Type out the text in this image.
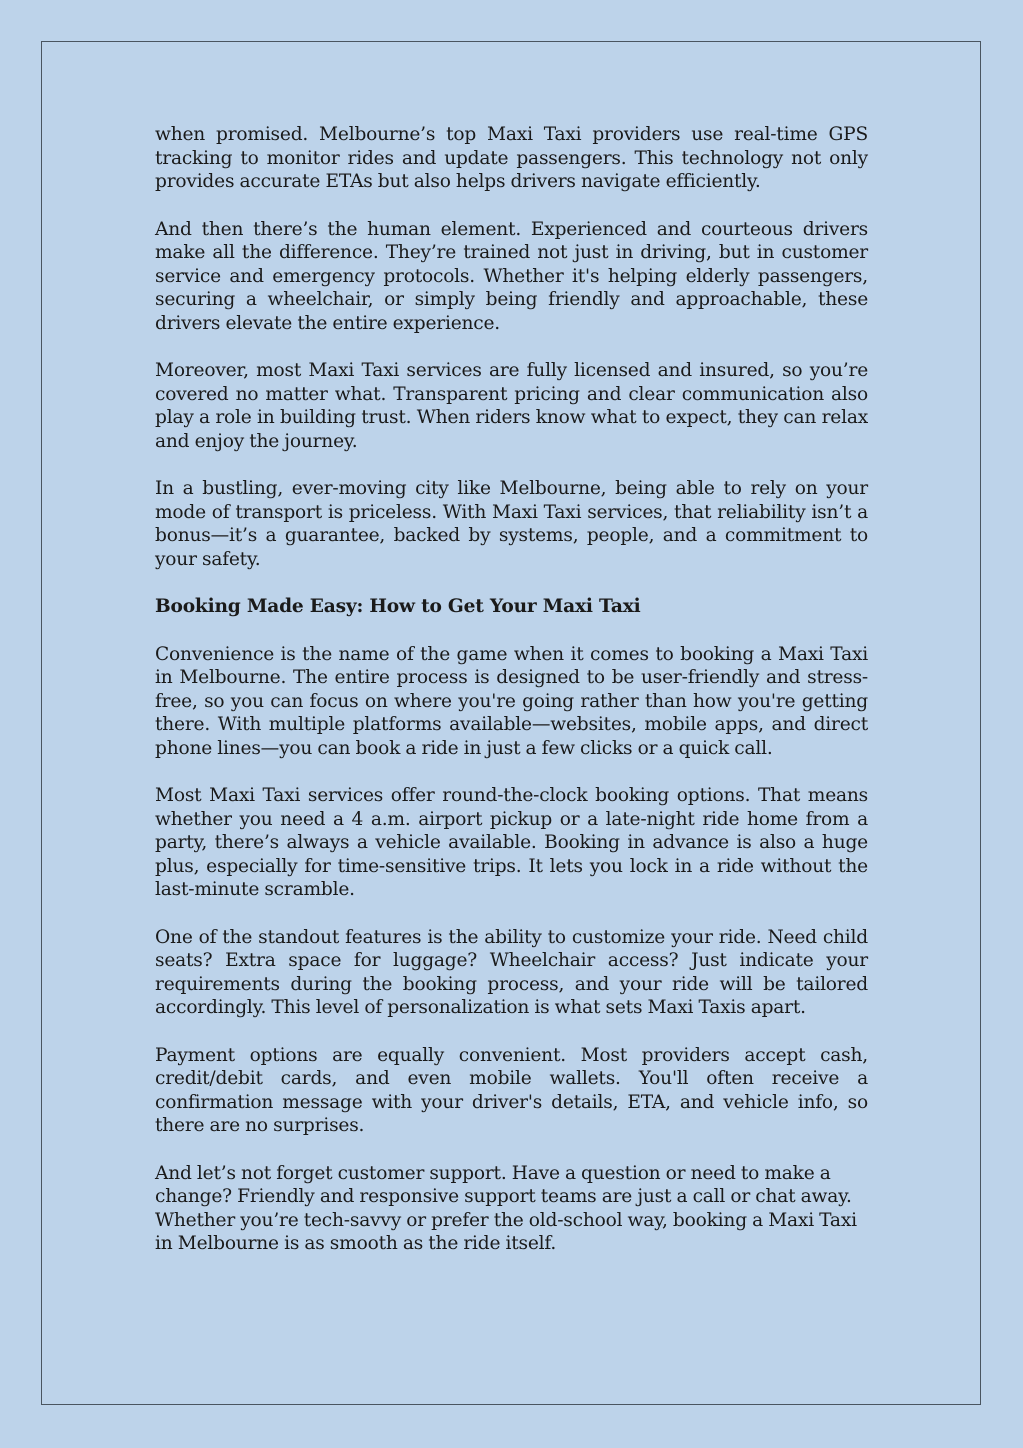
when promised. Melbourne’s top Maxi Taxi providers use real-time GPS tracking to monitor rides and update passengers. This technology not only provides accurate ETAs but also helps drivers navigate efficiently.

And then there’s the human element. Experienced and courteous drivers make all the difference. They’re trained not just in driving, but in customer service and emergency protocols. Whether it's helping elderly passengers, securing a wheelchair, or simply being friendly and approachable, these drivers elevate the entire experience.

Moreover, most Maxi Taxi services are fully licensed and insured, so you’re covered no matter what. Transparent pricing and clear communication also play a role in building trust. When riders know what to expect, they can relax and enjoy the journey.

In a bustling, ever-moving city like Melbourne, being able to rely on your mode of transport is priceless. With Maxi Taxi services, that reliability isn’t a bonus—it’s a guarantee, backed by systems, people, and a commitment to your safety.

Booking Made Easy: How to Get Your Maxi Taxi

Convenience is the name of the game when it comes to booking a Maxi Taxi in Melbourne. The entire process is designed to be user-friendly and stress-free, so you can focus on where you're going rather than how you're getting there. With multiple platforms available—websites, mobile apps, and direct phone lines—you can book a ride in just a few clicks or a quick call.

Most Maxi Taxi services offer round-the-clock booking options. That means whether you need a 4 a.m. airport pickup or a late-night ride home from a party, there’s always a vehicle available. Booking in advance is also a huge plus, especially for time-sensitive trips. It lets you lock in a ride without the last-minute scramble.

One of the standout features is the ability to customize your ride. Need child seats? Extra space for luggage? Wheelchair access? Just indicate your requirements during the booking process, and your ride will be tailored accordingly. This level of personalization is what sets Maxi Taxis apart.

Payment options are equally convenient. Most providers accept cash, credit/debit cards, and even mobile wallets. You'll often receive a confirmation message with your driver's details, ETA, and vehicle info, so there are no surprises.

And let’s not forget customer support. Have a question or need to make a change? Friendly and responsive support teams are just a call or chat away. Whether you’re tech-savvy or prefer the old-school way, booking a Maxi Taxi in Melbourne is as smooth as the ride itself.
